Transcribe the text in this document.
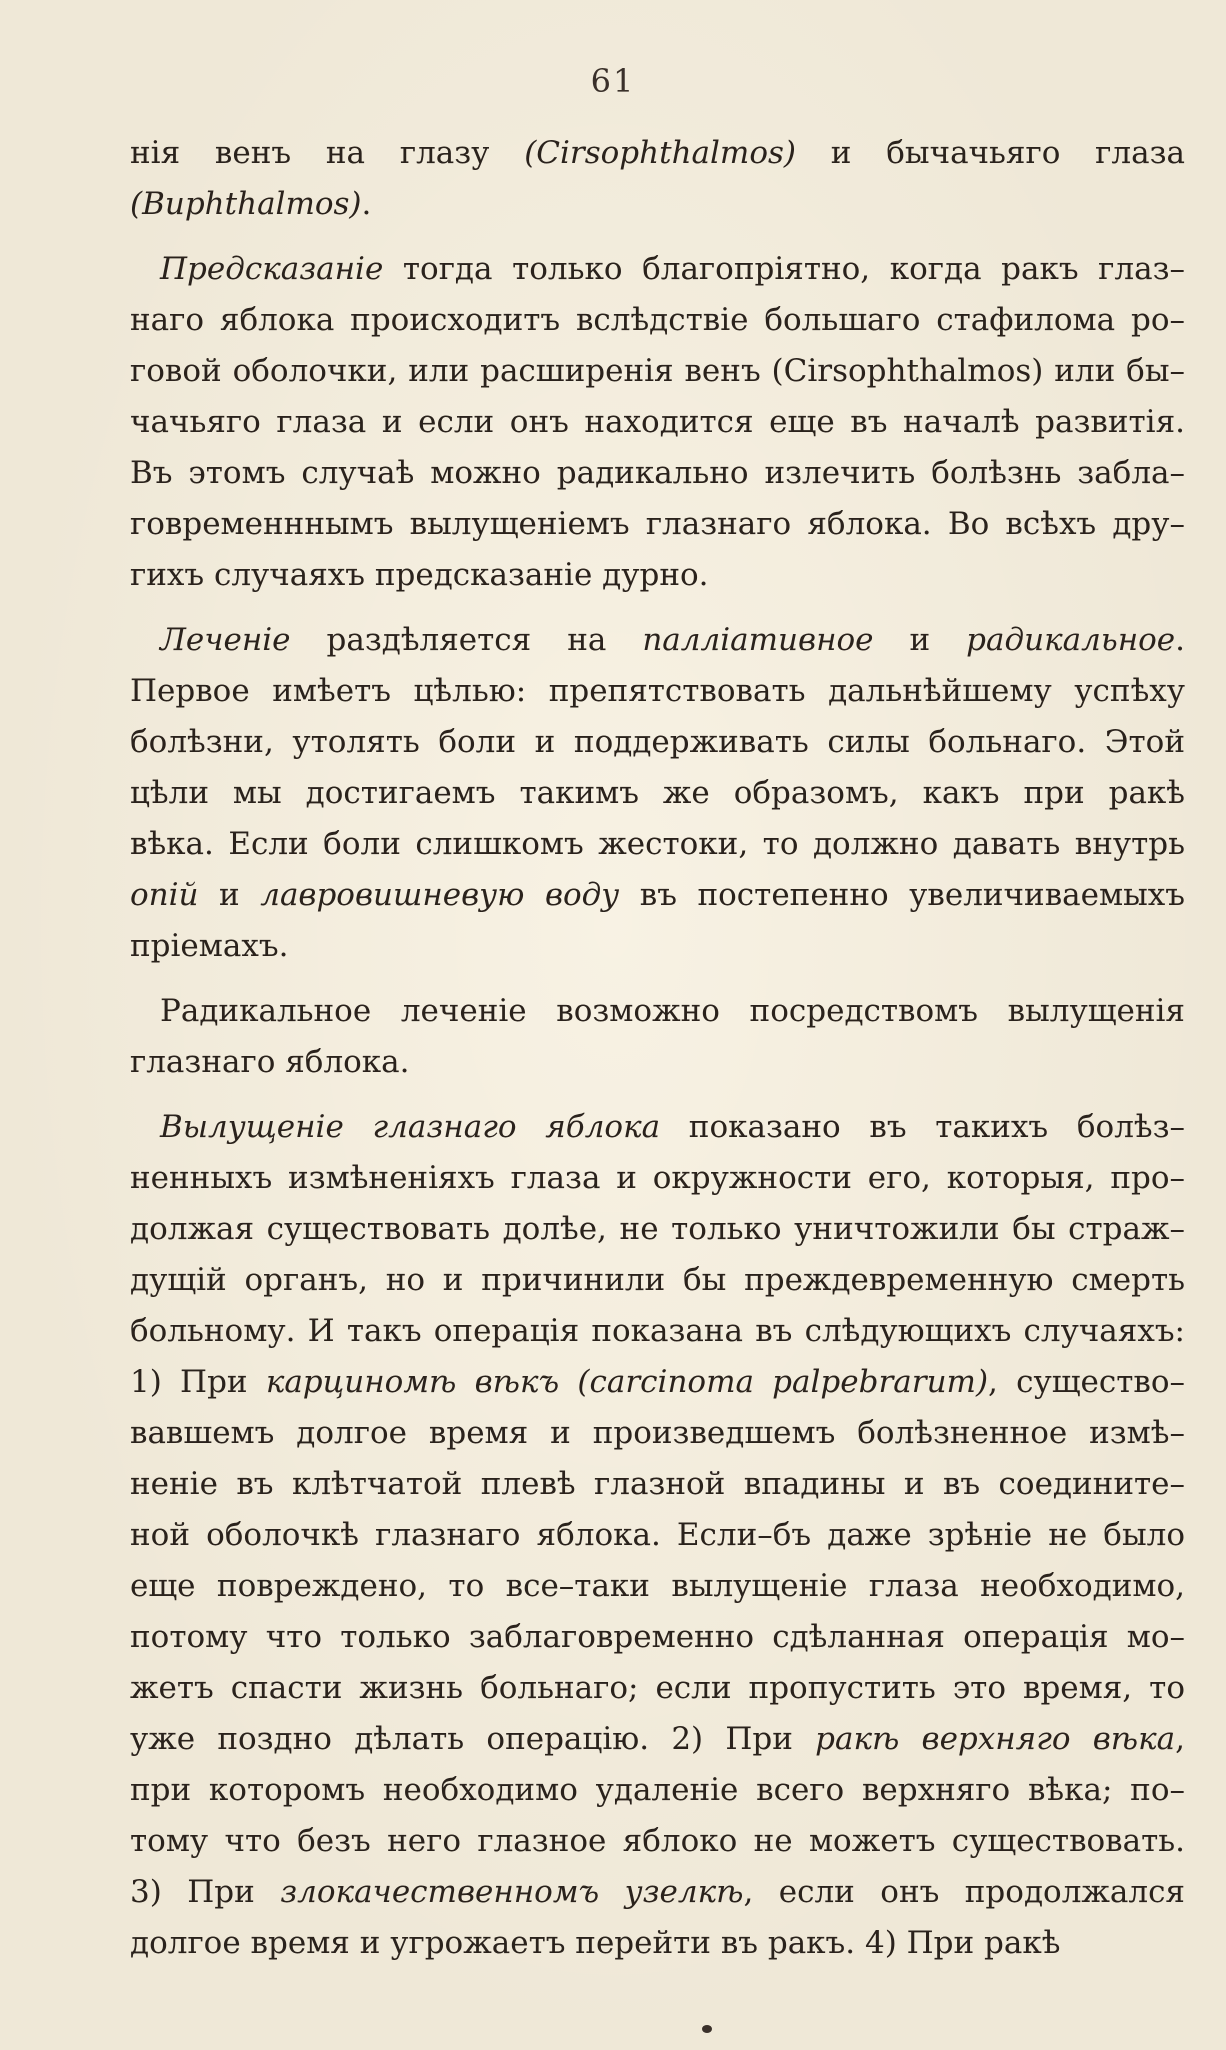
61
нія венъ на глазу (Cirsophthalmos) и бычачьяго глаза
(Buphthalmos).
Предсказаніе тогда только благопріятно, когда ракъ глаз–
наго яблока происходитъ вслѣдствіе большаго стафилома ро–
говой оболочки, или расширенія венъ (Cirsophthalmos) или бы–
чачьяго глаза и если онъ находится еще въ началѣ развитія.
Въ этомъ случаѣ можно радикально излечить болѣзнь забла–
говременннымъ вылущеніемъ глазнаго яблока. Во всѣхъ дру–
гихъ случаяхъ предсказаніе дурно.
Леченіе раздѣляется на палліативное и радикальное.
Первое имѣетъ цѣлью: препятствовать дальнѣйшему успѣху
болѣзни, утолять боли и поддерживать силы больнаго. Этой
цѣли мы достигаемъ такимъ же образомъ, какъ при ракѣ
вѣка. Если боли слишкомъ жестоки, то должно давать внутрь
опій и лавровишневую воду въ постепенно увеличиваемыхъ
пріемахъ.
Радикальное леченіе возможно посредствомъ вылущенія
глазнаго яблока.
Вылущеніе глазнаго яблока показано въ такихъ болѣз–
ненныхъ измѣненіяхъ глаза и окружности его, которыя, про–
должая существовать долѣе, не только уничтожили бы страж–
дущій органъ, но и причинили бы преждевременную смерть
больному. И такъ операція показана въ слѣдующихъ случаяхъ:
1) При карциномѣ вѣкъ (carcinoma palpebrarum), существо–
вавшемъ долгое время и произведшемъ болѣзненное измѣ–
неніе въ клѣтчатой плевѣ глазной впадины и въ соедините–
ной оболочкѣ глазнаго яблока. Если–бъ даже зрѣніе не было
еще повреждено, то все–таки вылущеніе глаза необходимо,
потому что только заблаговременно сдѣланная операція мо–
жетъ спасти жизнь больнаго; если пропустить это время, то
уже поздно дѣлать операцію. 2) При ракѣ верхняго вѣка,
при которомъ необходимо удаленіе всего верхняго вѣка; по–
тому что безъ него глазное яблоко не можетъ существовать.
3) При злокачественномъ узелкѣ, если онъ продолжался
долгое время и угрожаетъ перейти въ ракъ. 4) При ракѣ
